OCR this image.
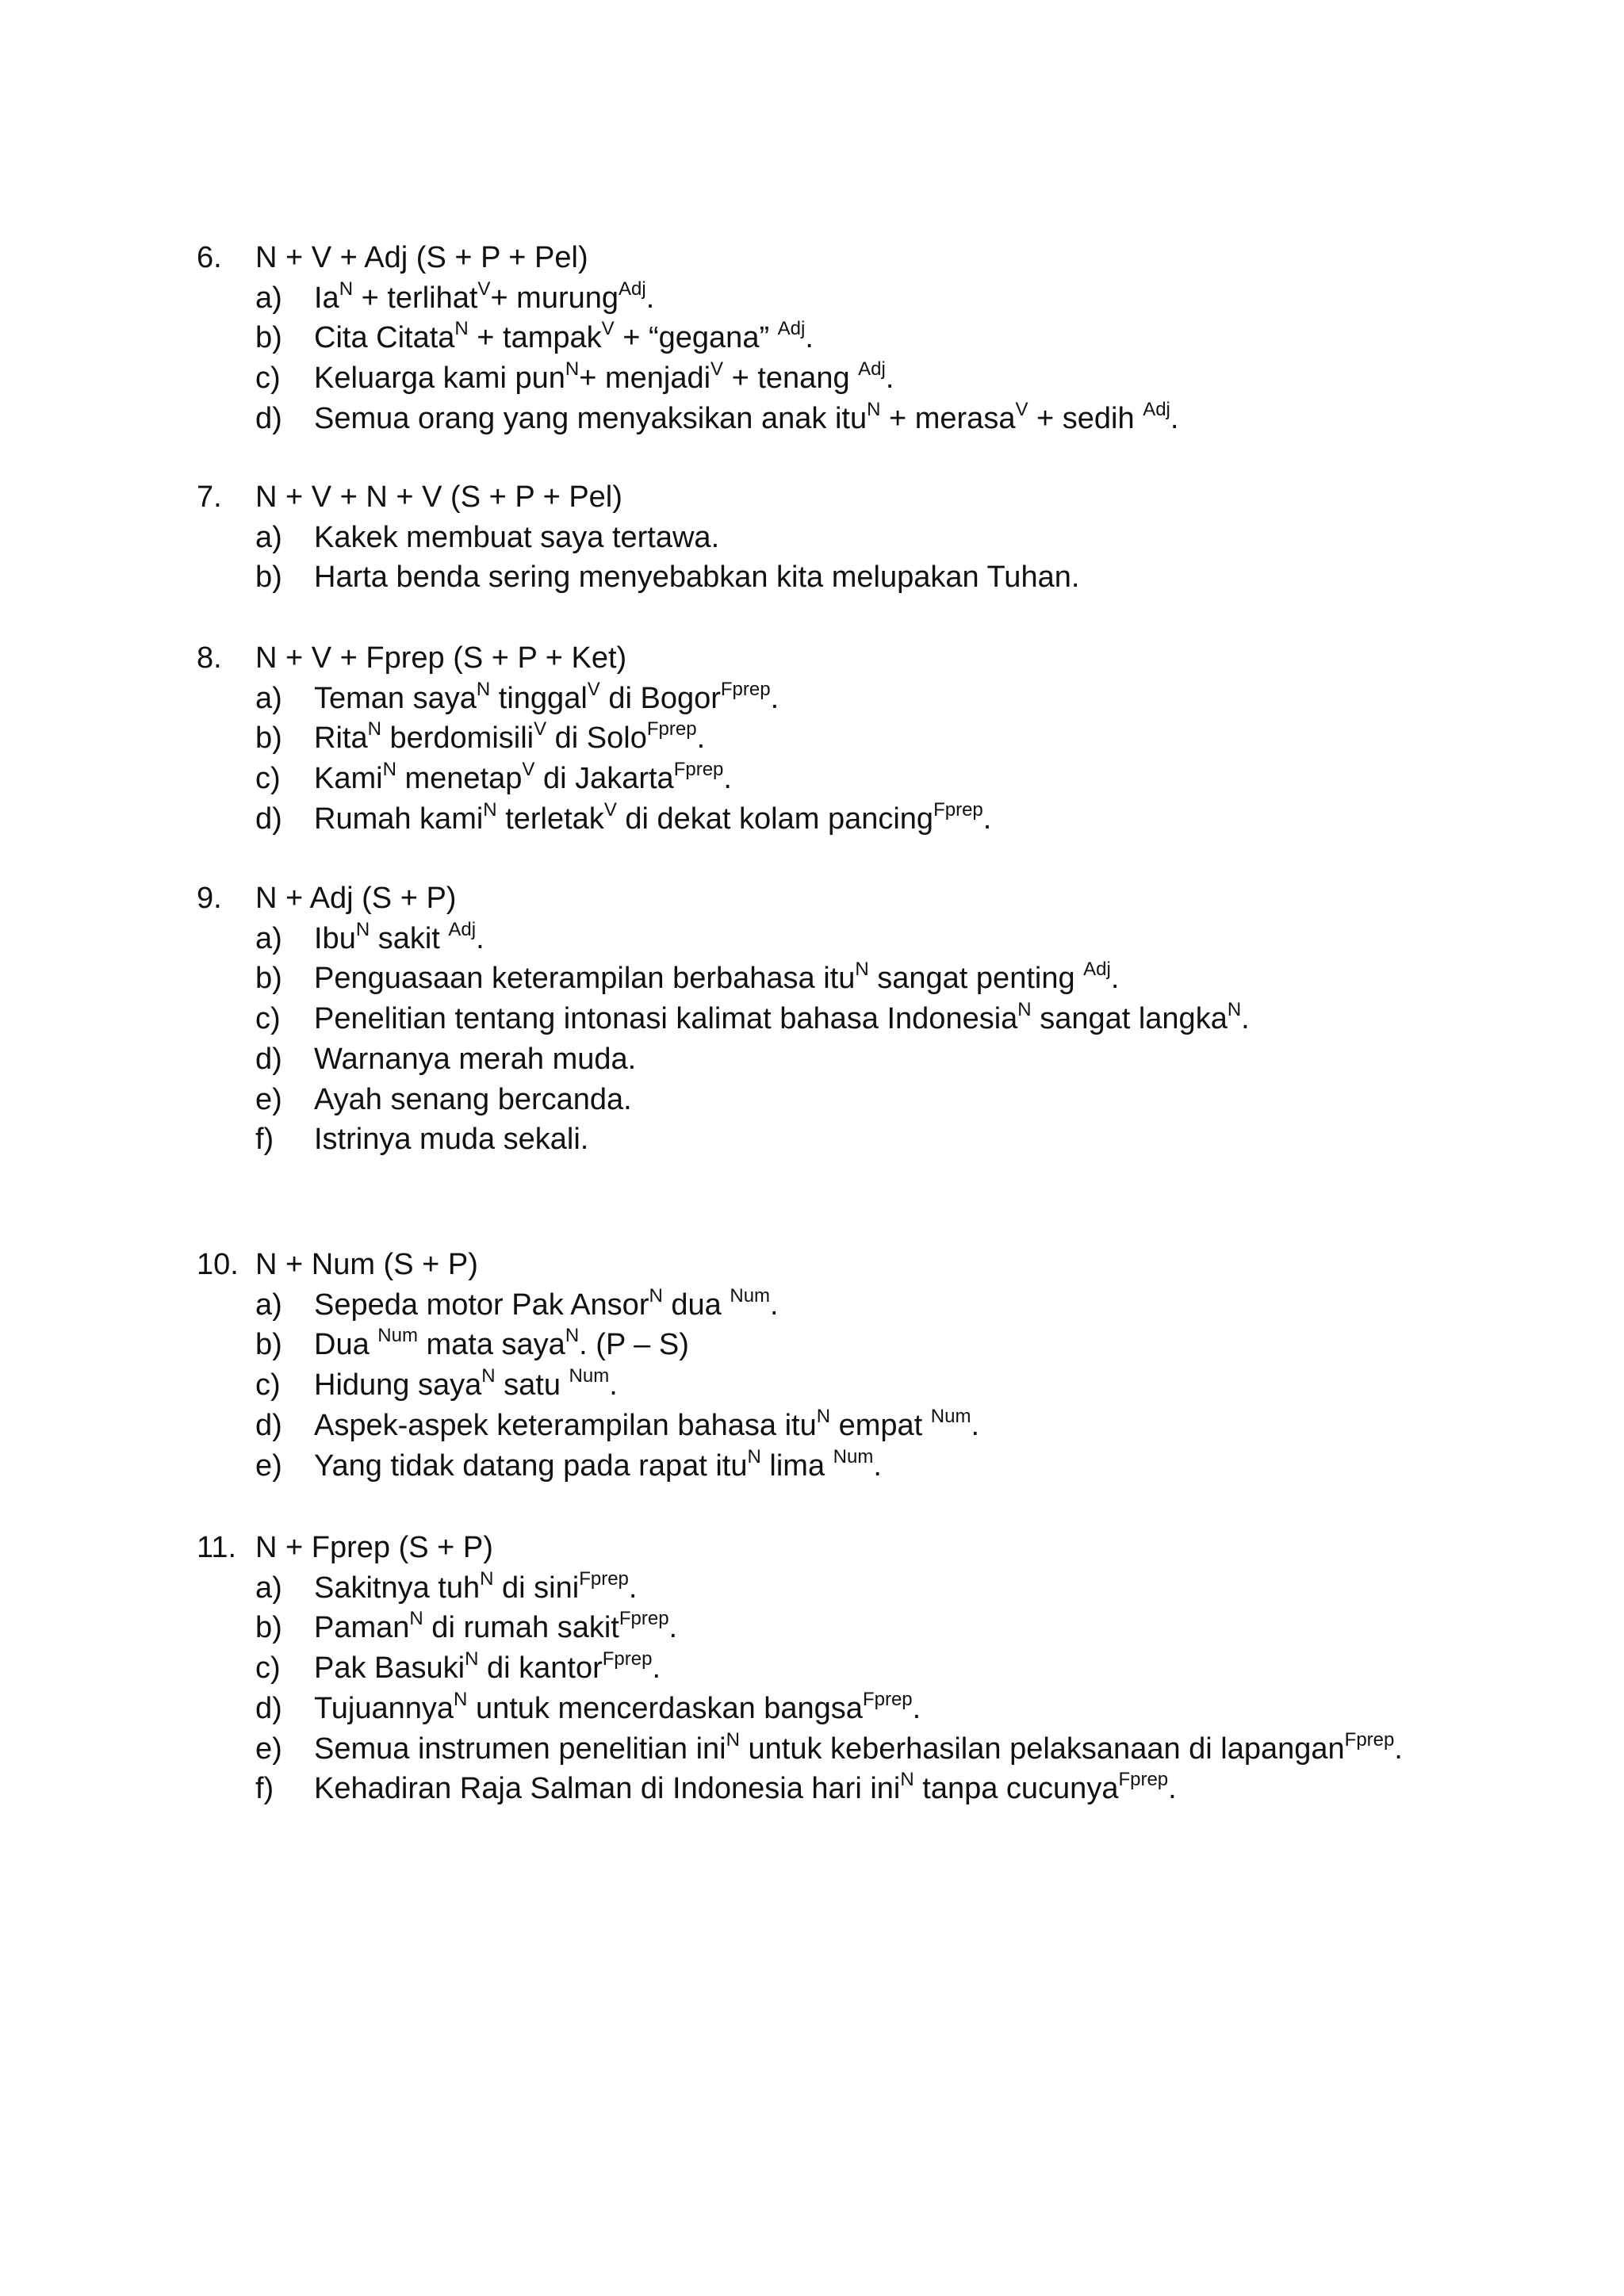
6.	N + V + Adj (S + P + Pel)
a) $Ia^N$ + terlihat$^V$+ murung$^{Adj}$.
b) Cita Citata$^N$ + tampak$^V$ + “gegana” $^{Adj}$.
c) Keluarga kami pun$^N$+ menjadi$^V$ + tenang $^{Adj}$.
d) Semua orang yang menyaksikan anak itu$^N$ + merasa$^V$ + sedih $^{Adj}$.
7.	N + V + N + V (S + P + Pel)
a) Kakek membuat saya tertawa.
b) Harta benda sering menyebabkan kita melupakan Tuhan.
8.	N + V + Fprep (S + P + Ket)
a) Teman saya$^N$ tinggal$^V$ di Bogor$^{Fprep}$.
b) Rita$^N$ berdomisili$^V$ di Solo$^{Fprep}$.
c) Kami$^N$ menetap$^V$ di Jakarta$^{Fprep}$.
d) Rumah kami$^N$ terletak$^V$ di dekat kolam pancing$^{Fprep}$.
9.	N + Adj (S + P)
a) Ibu$^N$ sakit $^{Adj}$.
b) Penguasaan keterampilan berbahasa itu$^N$ sangat penting $^{Adj}$.
c) Penelitian tentang intonasi kalimat bahasa Indonesia$^N$ sangat langka$^N$.
d) Warnanya merah muda.
e) Ayah senang bercanda.
f) Istrinya muda sekali.
10. N + Num (S + P)
a) Sepeda motor Pak Ansor$^N$ dua $^{Num}$.
b) Dua $^{Num}$ mata saya$^N$. (P – S)
c) Hidung saya$^N$ satu $^{Num}$.
d) Aspek-aspek keterampilan bahasa itu$^N$ empat $^{Num}$.
e) Yang tidak datang pada rapat itu$^N$ lima $^{Num}$.
11. N + Fprep (S + P)
a) Sakitnya tuh$^N$ di sini$^{Fprep}$.
b) Paman$^N$ di rumah sakit$^{Fprep}$.
c) Pak Basuki$^N$ di kantor$^{Fprep}$.
d) Tujuannya$^N$ untuk mencerdaskan bangsa$^{Fprep}$.
e) Semua instrumen penelitian ini$^N$ untuk keberhasilan pelaksanaan di lapangan$^{Fprep}$.
f) Kehadiran Raja Salman di Indonesia hari ini$^N$ tanpa cucunya$^{Fprep}$.
